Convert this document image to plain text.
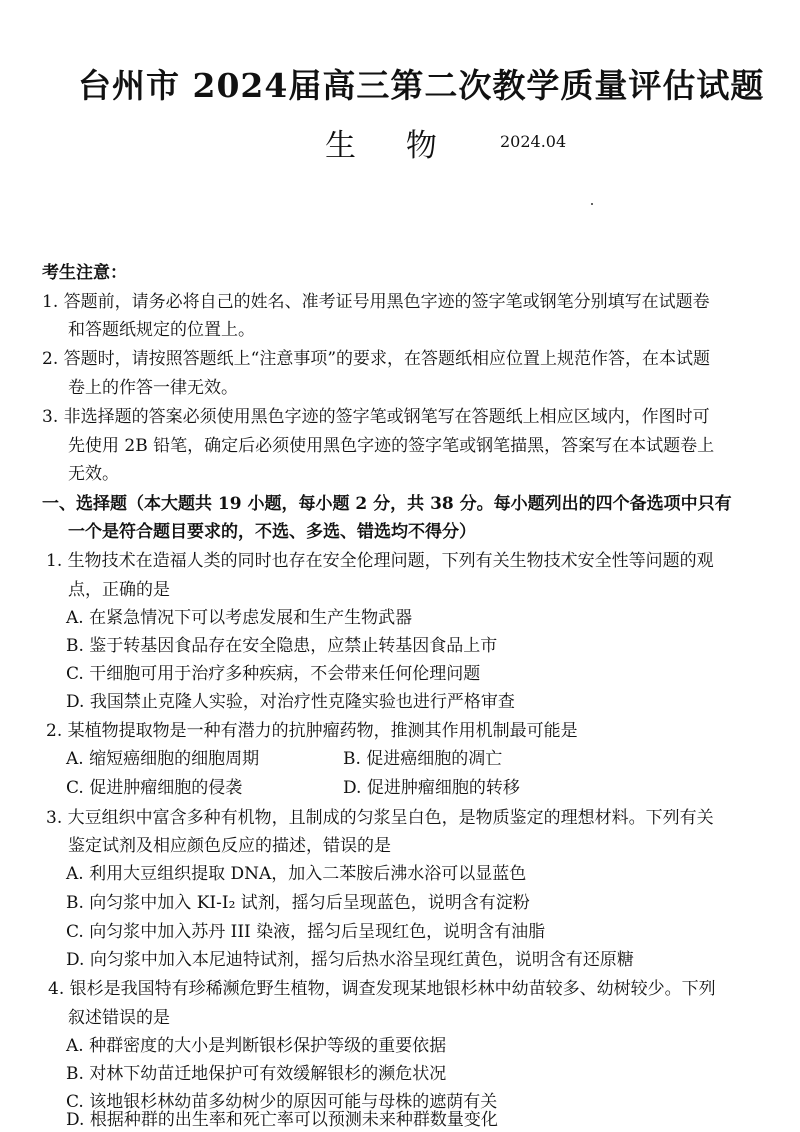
台州市 2024届高三第二次教学质量评估试题
生 物	2024.04
考生注意：
1. 答题前，请务必将自己的姓名、准考证号用黑色字迹的签字笔或钢笔分别填写在试题卷
和答题纸规定的位置上。
2. 答题时，请按照答题纸上“注意事项”的要求，在答题纸相应位置上规范作答，在本试题
卷上的作答一律无效。
3. 非选择题的答案必须使用黑色字迹的签字笔或钢笔写在答题纸上相应区域内，作图时可
先使用 2B 铅笔，确定后必须使用黑色字迹的签字笔或钢笔描黑，答案写在本试题卷上
无效。
一、选择题（本大题共 19 小题，每小题 2 分，共 38 分。每小题列出的四个备选项中只有
一个是符合题目要求的，不选、多选、错选均不得分）
1. 生物技术在造福人类的同时也存在安全伦理问题，下列有关生物技术安全性等问题的观
点，正确的是
A. 在紧急情况下可以考虑发展和生产生物武器
B. 鉴于转基因食品存在安全隐患，应禁止转基因食品上市
C. 干细胞可用于治疗多种疾病，不会带来任何伦理问题
D. 我国禁止克隆人实验，对治疗性克隆实验也进行严格审查
2. 某植物提取物是一种有潜力的抗肿瘤药物，推测其作用机制最可能是
A. 缩短癌细胞的细胞周期	B. 促进癌细胞的凋亡
C. 促进肿瘤细胞的侵袭	D. 促进肿瘤细胞的转移
3. 大豆组织中富含多种有机物，且制成的匀浆呈白色，是物质鉴定的理想材料。下列有关
鉴定试剂及相应颜色反应的描述，错误的是
A. 利用大豆组织提取 DNA，加入二苯胺后沸水浴可以显蓝色
B. 向匀浆中加入 KI-I₂ 试剂，摇匀后呈现蓝色，说明含有淀粉
C. 向匀浆中加入苏丹 III 染液，摇匀后呈现红色，说明含有油脂
D. 向匀浆中加入本尼迪特试剂，摇匀后热水浴呈现红黄色，说明含有还原糖
4. 银杉是我国特有珍稀濒危野生植物，调查发现某地银杉林中幼苗较多、幼树较少。下列
叙述错误的是
A. 种群密度的大小是判断银杉保护等级的重要依据
B. 对林下幼苗迁地保护可有效缓解银杉的濒危状况
C. 该地银杉林幼苗多幼树少的原因可能与母株的遮荫有关
D. 根据种群的出生率和死亡率可以预测未来种群数量变化
